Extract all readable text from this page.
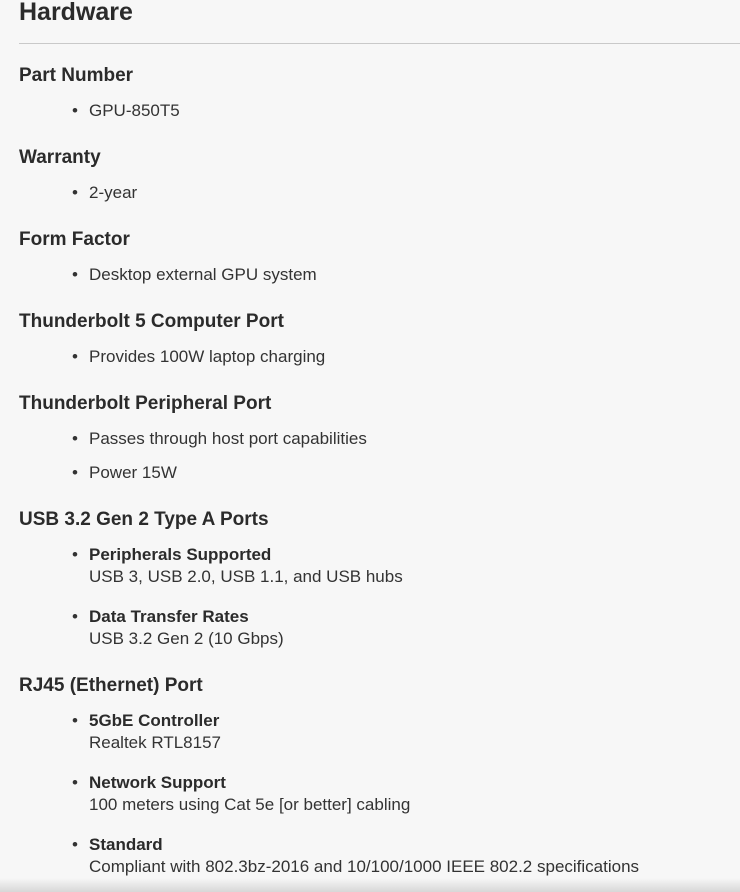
Hardware
Part Number
• GPU-850T5
Warranty
• 2-year
Form Factor
• Desktop external GPU system
Thunderbolt 5 Computer Port
• Provides 100W laptop charging
Thunderbolt Peripheral Port
• Passes through host port capabilities
• Power 15W
USB 3.2 Gen 2 Type A Ports
• Peripherals Supported
USB 3, USB 2.0, USB 1.1, and USB hubs
• Data Transfer Rates
USB 3.2 Gen 2 (10 Gbps)
RJ45 (Ethernet) Port
• 5GbE Controller
Realtek RTL8157
• Network Support
100 meters using Cat 5e [or better] cabling
• Standard
Compliant with 802.3bz-2016 and 10/100/1000 IEEE 802.2 specifications
